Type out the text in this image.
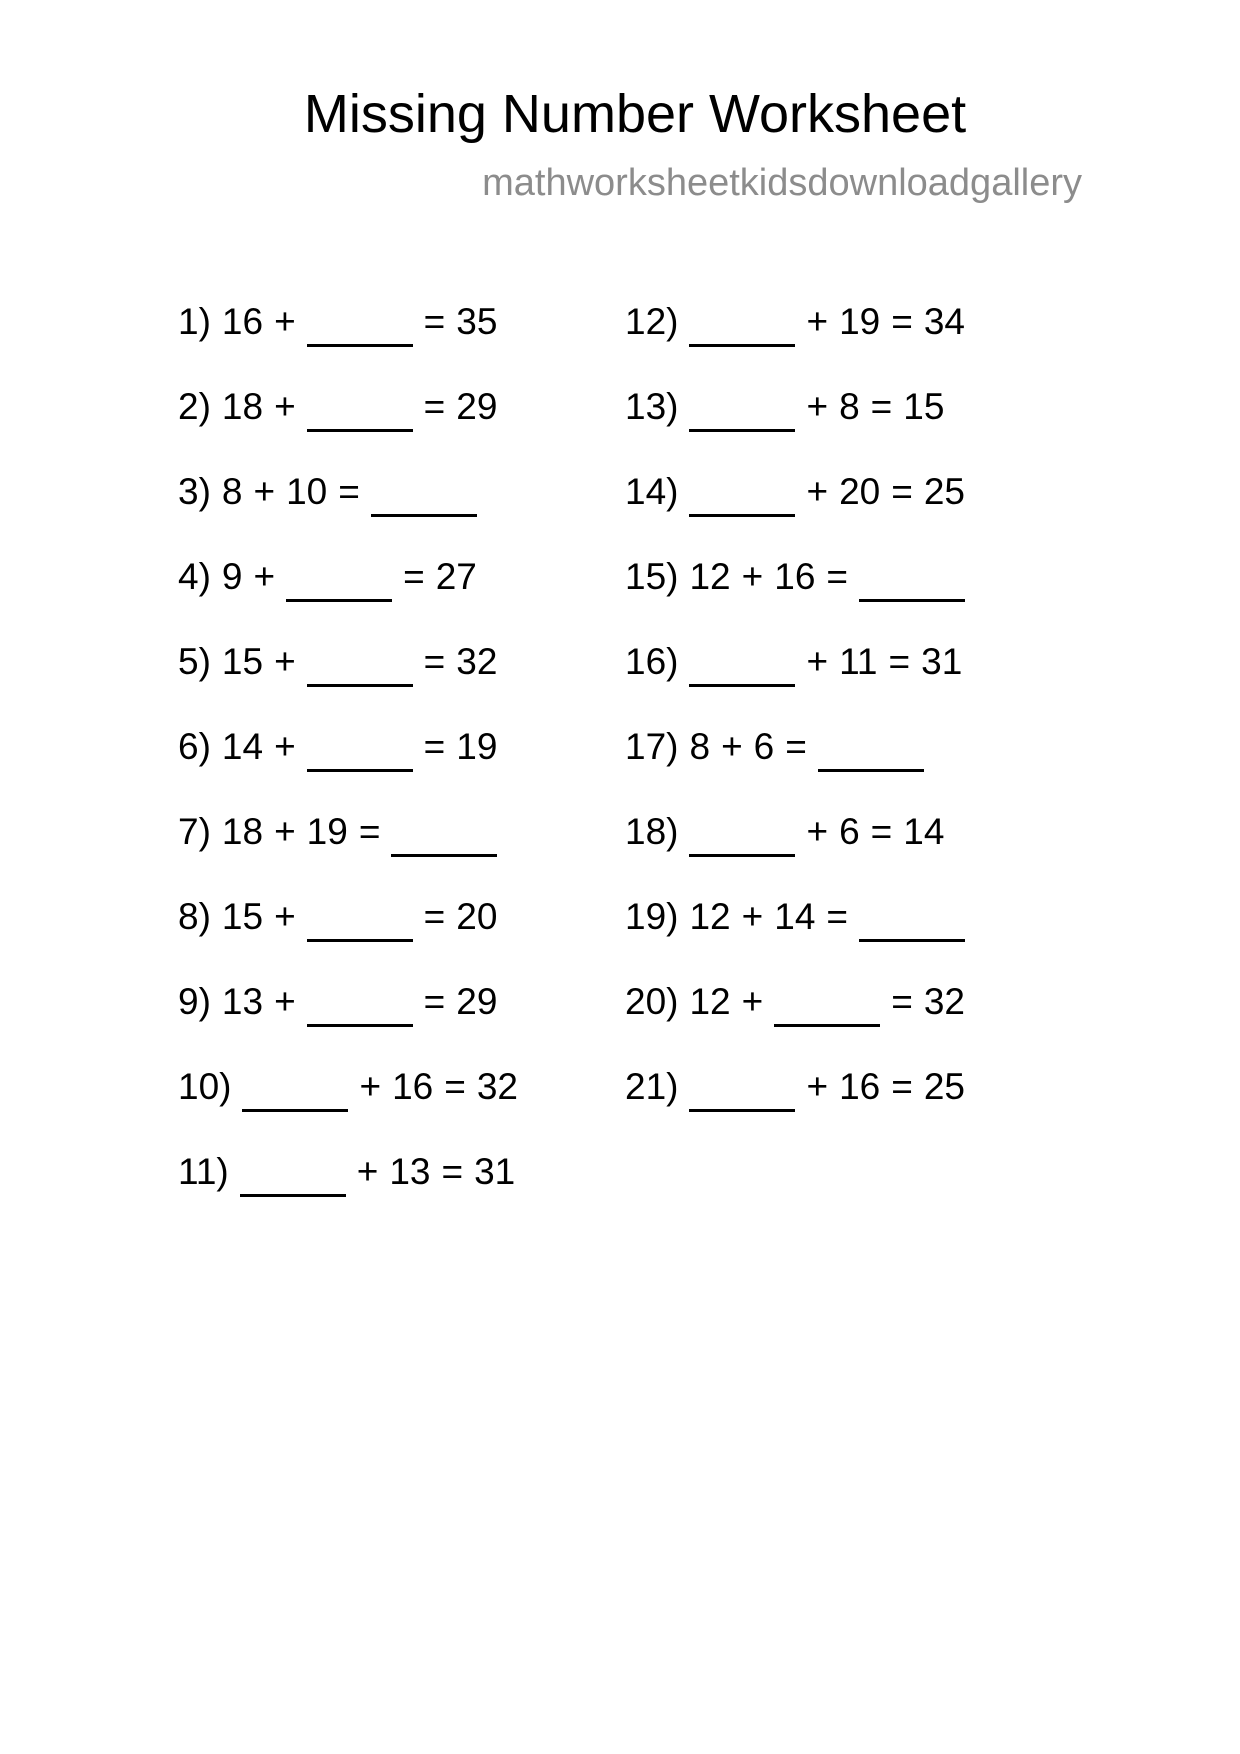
Missing Number Worksheet
mathworksheetkidsdownloadgallery
1) 16 +	= 35
2) 18 +	= 29
3) 8 + 10 =
4) 9 +	= 27
5) 15 +	= 32
6) 14 +	= 19
7) 18 + 19 =
8) 15 +	= 20
9) 13 +	= 29
10)	+ 16 = 32
11)	+ 13 = 31
12)	+ 19 = 34
13)	+ 8 = 15
14)	+ 20 = 25
15) 12 + 16 =
16)	+ 11 = 31
17) 8 + 6 =
18)	+ 6 = 14
19) 12 + 14 =
20) 12 +	= 32
21)	+ 16 = 25
